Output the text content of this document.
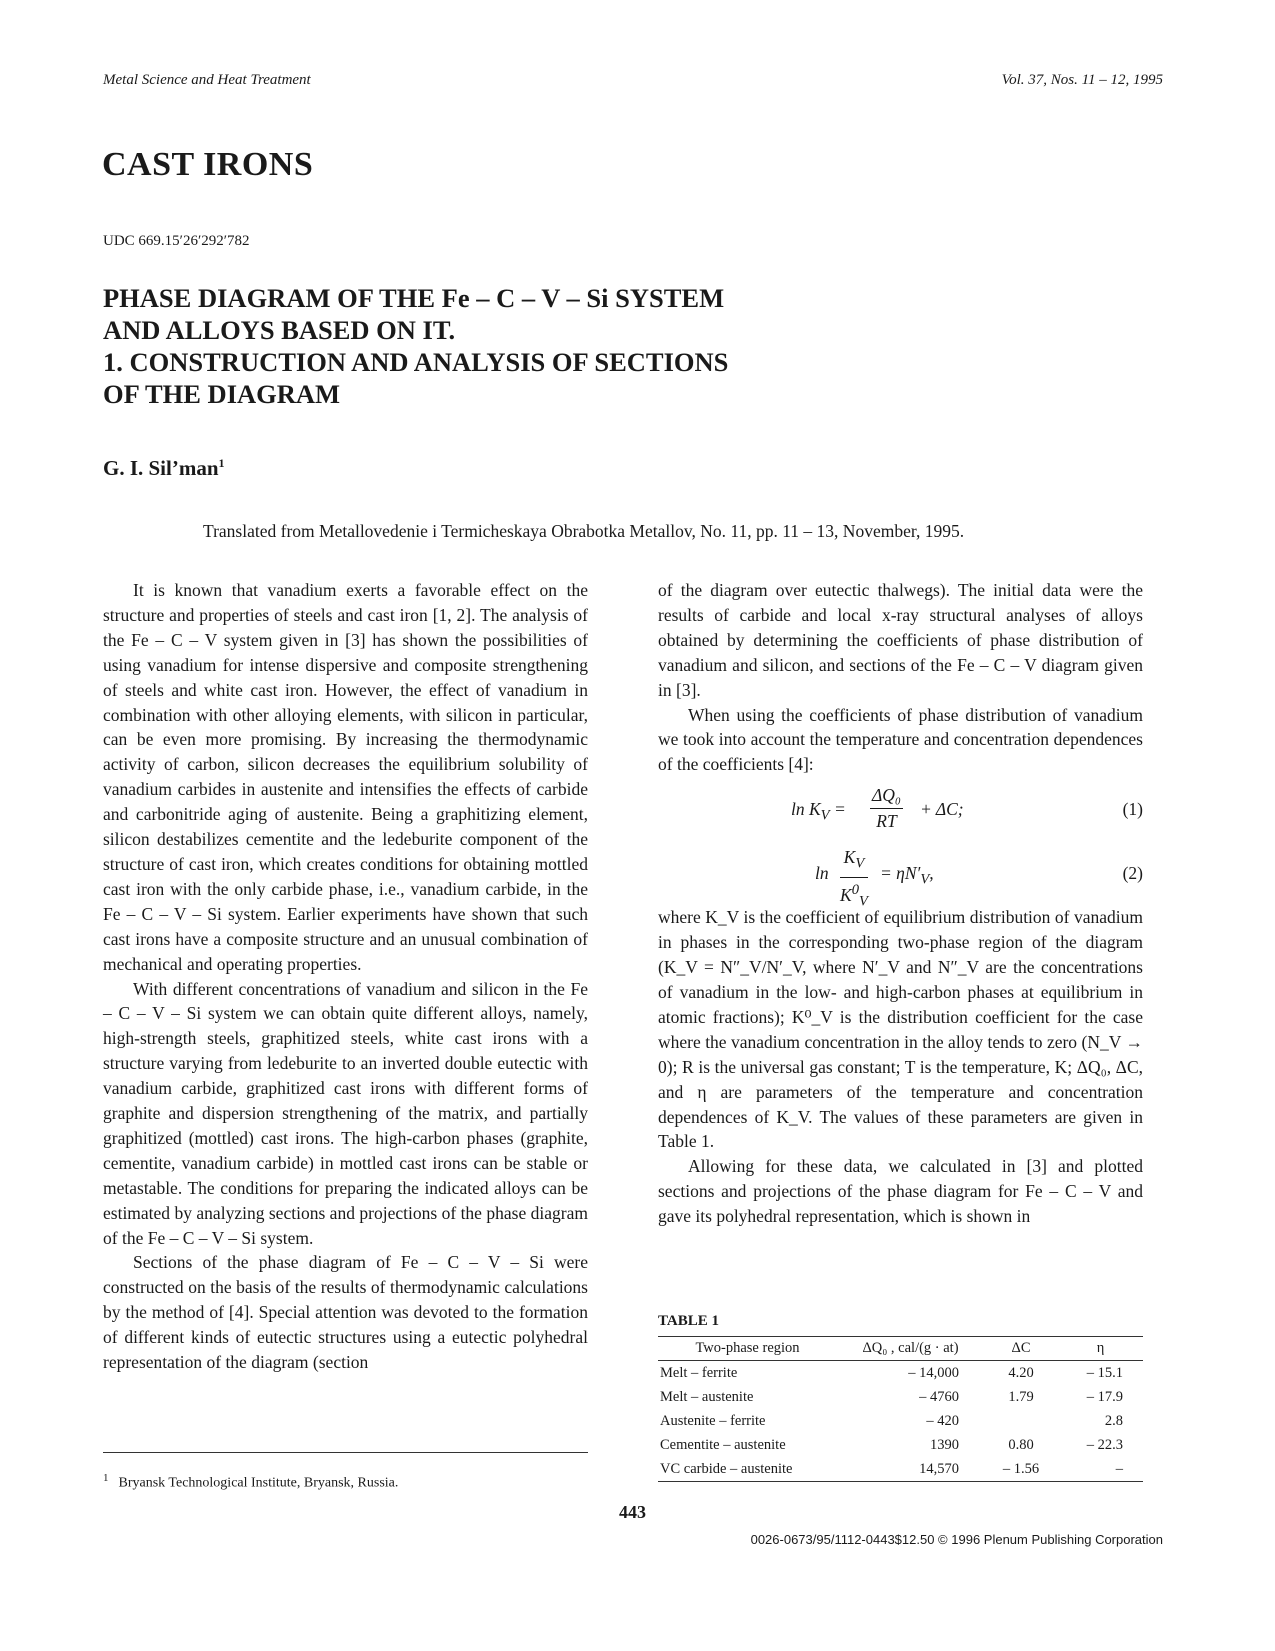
Metal Science and Heat Treatment	Vol. 37, Nos. 11 – 12, 1995
CAST IRONS
UDC 669.15′26′292′782
PHASE DIAGRAM OF THE Fe – C – V – Si SYSTEM
AND ALLOYS BASED ON IT.
1. CONSTRUCTION AND ANALYSIS OF SECTIONS
OF THE DIAGRAM
G. I. Sil’man$^1$
Translated from Metallovedenie i Termicheskaya Obrabotka Metallov, No. 11, pp. 11 – 13, November, 1995.

It is known that vanadium exerts a favorable effect on the structure and properties of steels and cast iron [1, 2]. The analysis of the Fe – C – V system given in [3] has shown the possibilities of using vanadium for intense dispersive and composite strengthening of steels and white cast iron. However, the effect of vanadium in combination with other alloying elements, with silicon in particular, can be even more promising. By increasing the thermodynamic activity of carbon, silicon decreases the equilibrium solubility of vanadium carbides in austenite and intensifies the effects of carbide and carbonitride aging of austenite. Being a graphitizing element, silicon destabilizes cementite and the ledeburite component of the structure of cast iron, which creates conditions for obtaining mottled cast iron with the only carbide phase, i.e., vanadium carbide, in the Fe – C – V – Si system. Earlier experiments have shown that such cast irons have a composite structure and an unusual combination of mechanical and operating properties.

With different concentrations of vanadium and silicon in the Fe – C – V – Si system we can obtain quite different alloys, namely, high-strength steels, graphitized steels, white cast irons with a structure varying from ledeburite to an inverted double eutectic with vanadium carbide, graphitized cast irons with different forms of graphite and dispersion strengthening of the matrix, and partially graphitized (mottled) cast irons. The high-carbon phases (graphite, cementite, vanadium carbide) in mottled cast irons can be stable or metastable. The conditions for preparing the indicated alloys can be estimated by analyzing sections and projections of the phase diagram of the Fe – C – V – Si system.

Sections of the phase diagram of Fe – C – V – Si were constructed on the basis of the results of thermodynamic calculations by the method of [4]. Special attention was devoted to the formation of different kinds of eutectic structures using a eutectic polyhedral representation of the diagram (section

of the diagram over eutectic thalwegs). The initial data were the results of carbide and local x-ray structural analyses of alloys obtained by determining the coefficients of phase distribution of vanadium and silicon, and sections of the Fe – C – V diagram given in [3].

When using the coefficients of phase distribution of vanadium we took into account the temperature and concentration dependences of the coefficients [4]:

$\ln K_V = \frac{\text{ΔQ₀}}{RT} + \Delta C$;	(1)
$\ln \frac{K_V}{K^0_V} = \eta N'_V$,	(2)

where K_V is the coefficient of equilibrium distribution of vanadium in phases in the corresponding two-phase region of the diagram (K_V = N″_V/N′_V, where N′_V and N″_V are the concentrations of vanadium in the low- and high-carbon phases at equilibrium in atomic fractions); K⁰_V is the distribution coefficient for the case where the vanadium concentration in the alloy tends to zero (N_V → 0); R is the universal gas constant; T is the temperature, K; ΔQ₀, ΔC, and η are parameters of the temperature and concentration dependences of K_V. The values of these parameters are given in Table 1.

Allowing for these data, we calculated in [3] and plotted sections and projections of the phase diagram for Fe – C – V and gave its polyhedral representation, which is shown in

TABLE 1
Two-phase region	ΔQ₀ , cal/(g · at)	ΔC	η
Melt – ferrite	– 14,000	4.20	– 15.1
Melt – austenite	– 4760	1.79	– 17.9
Austenite – ferrite	– 420		2.8
Cementite – austenite	1390	0.80	– 22.3
VC carbide – austenite	14,570	– 1.56	–
$^1$ Bryansk Technological Institute, Bryansk, Russia.
443
0026-0673/95/1112-0443$12.50 © 1996 Plenum Publishing Corporation
